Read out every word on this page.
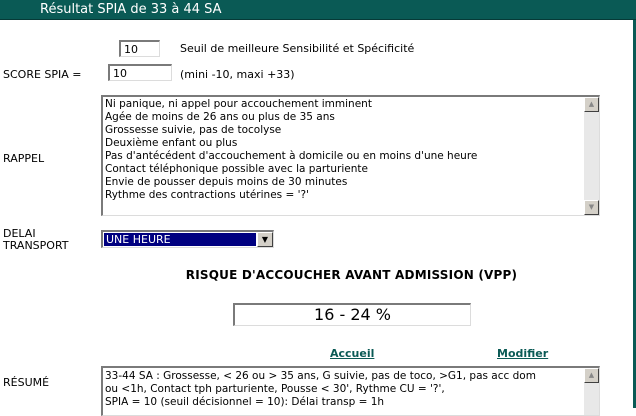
Résultat SPIA de 33 à 44 SA
10
Seuil de meilleure Sensibilité et Spécificité
SCORE SPIA =
10	(mini -10, maxi +33)
RAPPEL
Ni panique, ni appel pour accouchement imminent
Agée de moins de 26 ans ou plus de 35 ans
Grossesse suivie, pas de tocolyse
Deuxième enfant ou plus
Pas d'antécédent d'accouchement à domicile ou en moins d'une heure
Contact téléphonique possible avec la parturiente
Envie de pousser depuis moins de 30 minutes
Rythme des contractions utérines = '?'
▲
▼
DELAI
TRANSPORT	UNE HEURE	▼
RISQUE D'ACCOUCHER AVANT ADMISSION (VPP)
16 - 24 %
Accueil	Modifier
RÉSUMÉ	33-44 SA : Grossesse, < 26 ou > 35 ans, G suivie, pas de toco, >G1, pas acc dom
ou <1h, Contact tph parturiente, Pousse < 30', Rythme CU = '?',
SPIA = 10 (seuil décisionnel = 10): Délai transp = 1h
▲
